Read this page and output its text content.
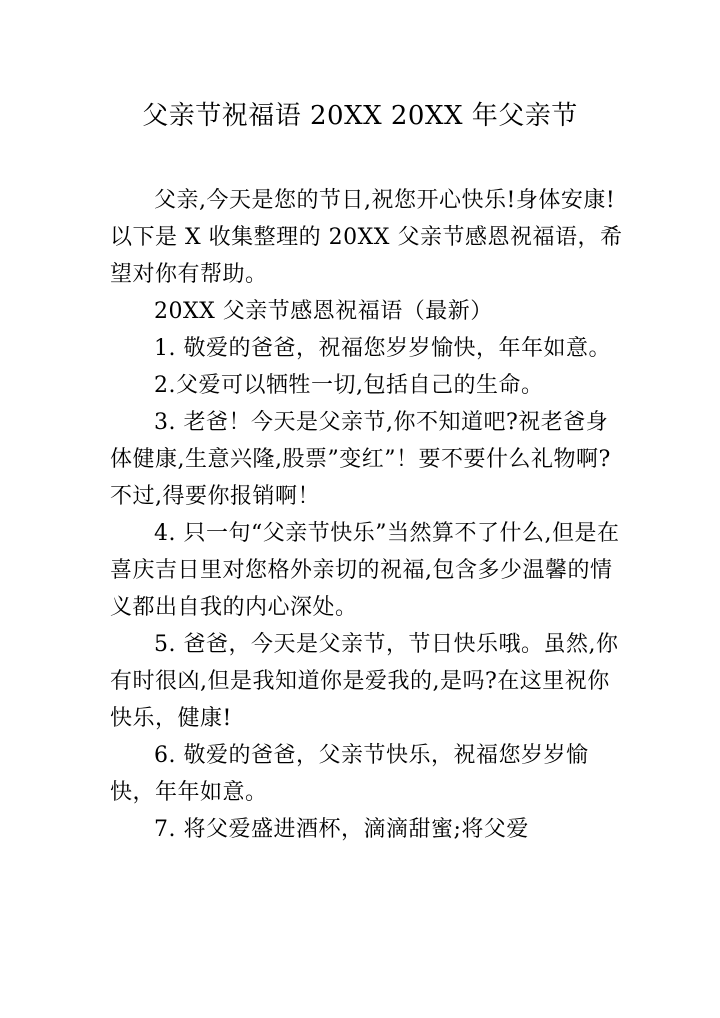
父亲节祝福语 20XX 20XX 年父亲节

父亲,今天是您的节日,祝您开心快乐!身体安康!以下是 X 收集整理的 20XX 父亲节感恩祝福语，希望对你有帮助。

20XX 父亲节感恩祝福语（最新）

1. 敬爱的爸爸，祝福您岁岁愉快，年年如意。

2.父爱可以牺牲一切,包括自己的生命。

3. 老爸！今天是父亲节,你不知道吧?祝老爸身体健康,生意兴隆,股票”变红”！要不要什么礼物啊?不过,得要你报销啊！

4. 只一句“父亲节快乐”当然算不了什么,但是在喜庆吉日里对您格外亲切的祝福,包含多少温馨的情义都出自我的内心深处。

5. 爸爸，今天是父亲节，节日快乐哦。虽然,你有时很凶,但是我知道你是爱我的,是吗?在这里祝你快乐，健康!

6. 敬爱的爸爸，父亲节快乐，祝福您岁岁愉快，年年如意。

7. 将父爱盛进酒杯，滴滴甜蜜;将父爱
